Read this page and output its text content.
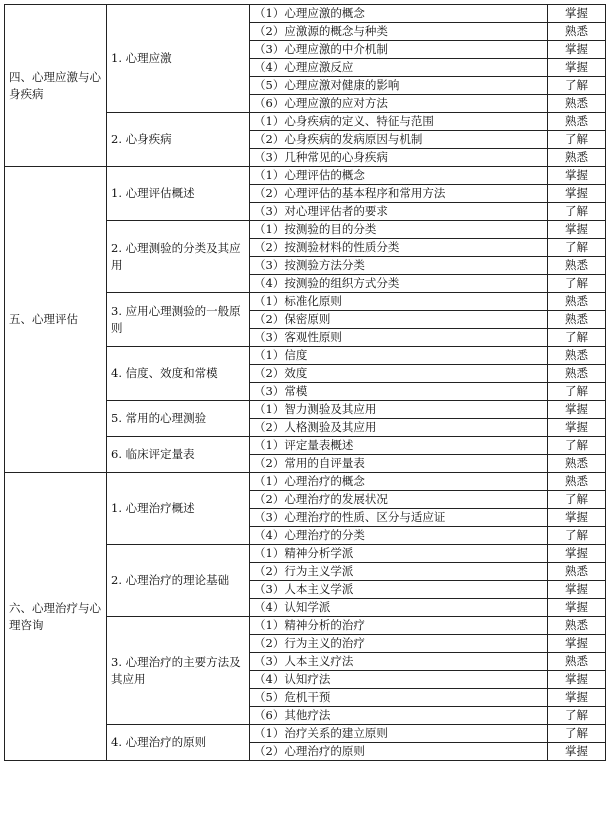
四、心理应激与心身疾病	1. 心理应激	（1）心理应激的概念	掌握
		（2）应激源的概念与种类	熟悉
		（3）心理应激的中介机制	掌握
		（4）心理应激反应	掌握
		（5）心理应激对健康的影响	了解
		（6）心理应激的应对方法	熟悉
	2. 心身疾病	（1）心身疾病的定义、特征与范围	熟悉
		（2）心身疾病的发病原因与机制	了解
		（3）几种常见的心身疾病	熟悉
五、心理评估	1. 心理评估概述	（1）心理评估的概念	掌握
		（2）心理评估的基本程序和常用方法	掌握
		（3）对心理评估者的要求	了解
	2. 心理测验的分类及其应用	（1）按测验的目的分类	掌握
		（2）按测验材料的性质分类	了解
		（3）按测验方法分类	熟悉
		（4）按测验的组织方式分类	了解
	3. 应用心理测验的一般原则	（1）标准化原则	熟悉
		（2）保密原则	熟悉
		（3）客观性原则	了解
	4. 信度、效度和常模	（1）信度	熟悉
		（2）效度	熟悉
		（3）常模	了解
	5. 常用的心理测验	（1）智力测验及其应用	掌握
		（2）人格测验及其应用	掌握
	6. 临床评定量表	（1）评定量表概述	了解
		（2）常用的自评量表	熟悉
六、心理治疗与心理咨询	1. 心理治疗概述	（1）心理治疗的概念	熟悉
		（2）心理治疗的发展状况	了解
		（3）心理治疗的性质、区分与适应证	掌握
		（4）心理治疗的分类	了解
	2. 心理治疗的理论基础	（1）精神分析学派	掌握
		（2）行为主义学派	熟悉
		（3）人本主义学派	掌握
		（4）认知学派	掌握
	3. 心理治疗的主要方法及其应用	（1）精神分析的治疗	熟悉
		（2）行为主义的治疗	掌握
		（3）人本主义疗法	熟悉
		（4）认知疗法	掌握
		（5）危机干预	掌握
		（6）其他疗法	了解
	4. 心理治疗的原则	（1）治疗关系的建立原则	了解
		（2）心理治疗的原则	掌握
